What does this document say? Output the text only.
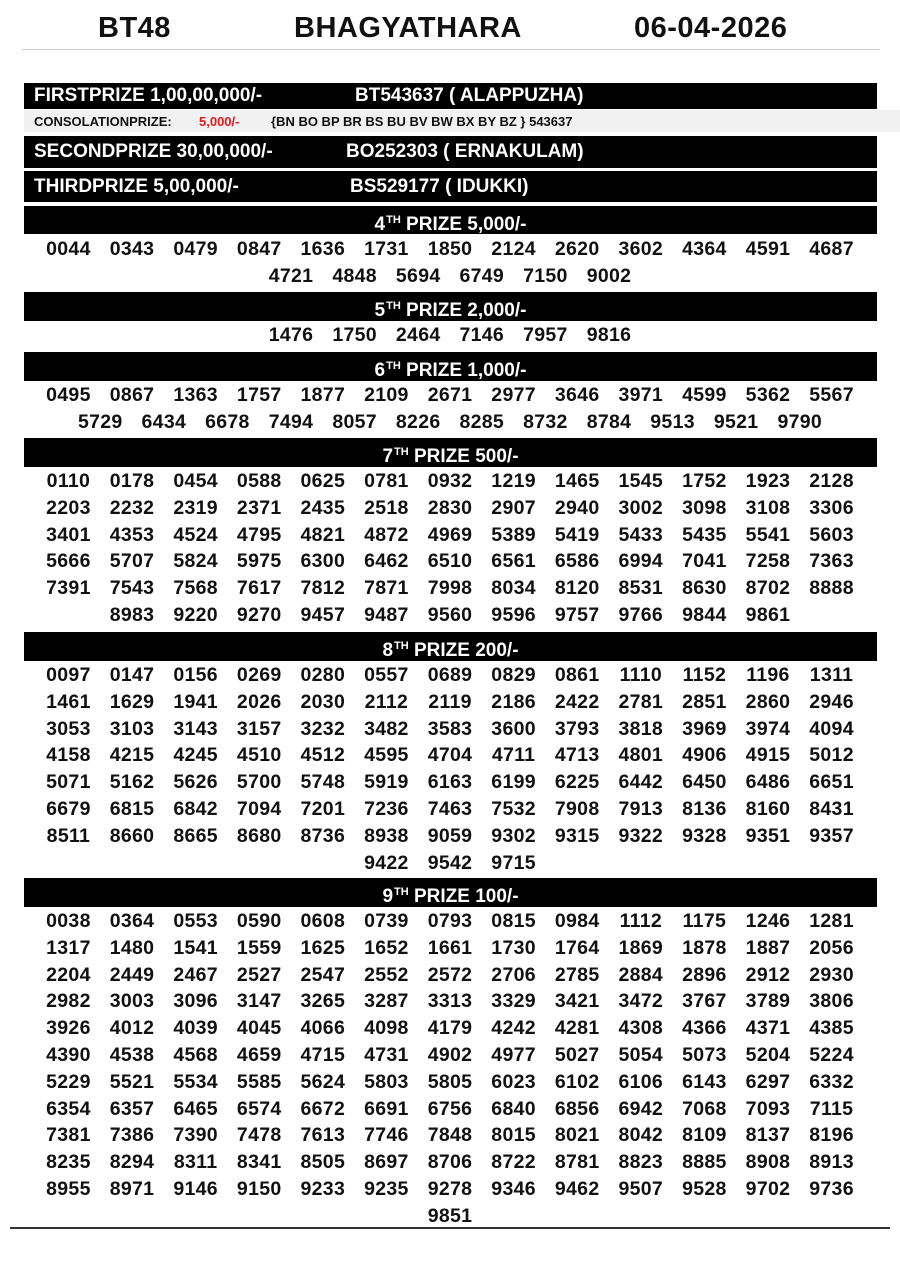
BT48	BHAGYATHARA	06-04-2026
FIRSTPRIZE 1,00,00,000/-	BT543637 ( ALAPPUZHA)
CONSOLATIONPRIZE: 5,000/- {BN BO BP BR BS BU BV BW BX BY BZ } 543637
SECONDPRIZE 30,00,000/-	BO252303 ( ERNAKULAM)
THIRDPRIZE 5,00,000/-	BS529177 ( IDUKKI)
4TH PRIZE 5,000/-
0044 0343 0479 0847 1636 1731 1850 2124 2620 3602 4364 4591 4687
4721 4848 5694 6749 7150 9002
5TH PRIZE 2,000/-
1476 1750 2464 7146 7957 9816
6TH PRIZE 1,000/-
0495 0867 1363 1757 1877 2109 2671 2977 3646 3971 4599 5362 5567
5729 6434 6678 7494 8057 8226 8285 8732 8784 9513 9521 9790
7TH PRIZE 500/-
0110	0178 0454 0588 0625 0781 0932 1219 1465 1545 1752 1923 2128
2203 2232 2319 2371 2435 2518 2830 2907 2940 3002 3098 3108 3306
3401 4353 4524 4795 4821 4872 4969 5389 5419 5433 5435 5541 5603
5666 5707 5824 5975 6300 6462 6510 6561 6586 6994 7041 7258 7363
7391 7543 7568 7617 7812 7871 7998 8034 8120 8531 8630 8702 8888
8983 9220 9270 9457 9487 9560 9596 9757 9766 9844 9861
8TH PRIZE 200/-
0097 0147 0156 0269 0280 0557 0689 0829 0861	1110	1152	1196	1311
1461 1629 1941 2026 2030	2112	2119	2186 2422 2781 2851 2860 2946
3053 3103 3143 3157 3232 3482 3583 3600 3793 3818 3969 3974 4094
4158 4215 4245 4510 4512 4595 4704	4711	4713 4801 4906 4915 5012
5071 5162 5626 5700 5748 5919 6163 6199 6225 6442 6450 6486 6651
6679 6815 6842 7094 7201 7236 7463 7532 7908 7913 8136 8160 8431
8511	8660 8665 8680 8736 8938 9059 9302 9315 9322 9328 9351 9357
9422 9542 9715
9TH PRIZE 100/-
0038 0364 0553 0590 0608 0739 0793 0815 0984	1112	1175	1246 1281
1317 1480 1541 1559 1625 1652 1661 1730 1764 1869 1878 1887 2056
2204 2449 2467 2527 2547 2552 2572 2706 2785 2884 2896 2912 2930
2982 3003 3096 3147 3265 3287 3313 3329 3421 3472 3767 3789 3806
3926 4012 4039 4045 4066 4098 4179 4242 4281 4308 4366 4371 4385
4390 4538 4568 4659 4715 4731 4902 4977 5027 5054 5073 5204 5224
5229 5521 5534 5585 5624 5803 5805 6023 6102 6106 6143 6297 6332
6354 6357 6465 6574 6672 6691 6756 6840 6856 6942 7068 7093	7115
7381 7386 7390 7478 7613 7746 7848 8015 8021 8042 8109 8137 8196
8235 8294	8311	8341 8505 8697 8706 8722 8781 8823 8885 8908 8913
8955 8971 9146 9150 9233 9235 9278 9346 9462 9507 9528 9702 9736
9851
